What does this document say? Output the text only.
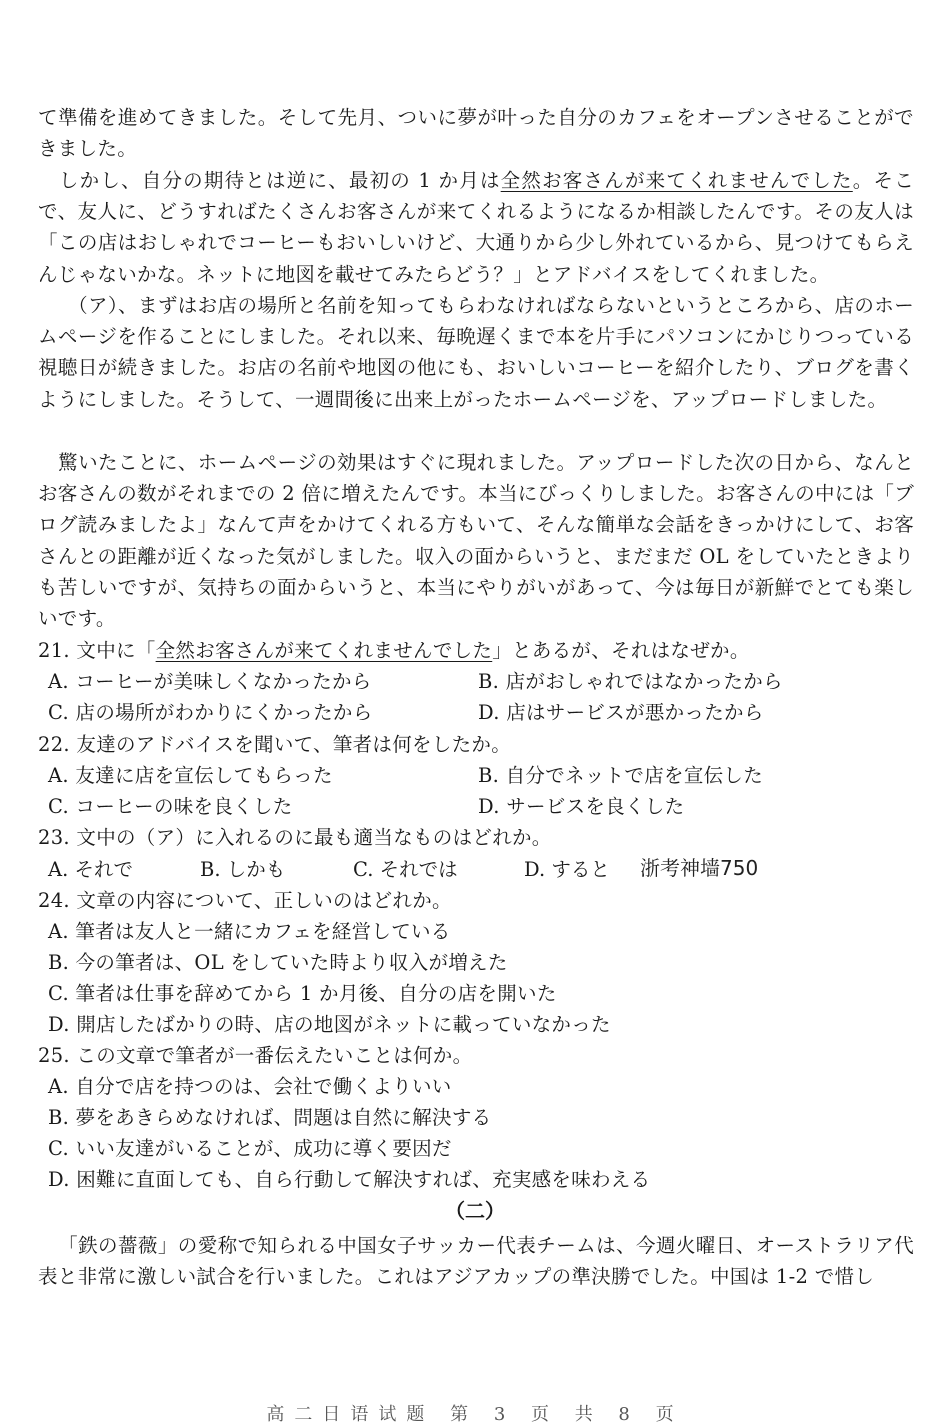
て準備を進めてきました。そして先月、ついに夢が叶った自分のカフェをオープンさせることができました。
しかし、自分の期待とは逆に、最初の 1 か月は全然お客さんが来てくれませんでした。そこで、友人に、どうすればたくさんお客さんが来てくれるようになるか相談したんです。その友人は「この店はおしゃれでコーヒーもおいしいけど、大通りから少し外れているから、見つけてもらえんじゃないかな。ネットに地図を載せてみたらどう？」とアドバイスをしてくれました。
（ア）、まずはお店の場所と名前を知ってもらわなければならないというところから、店のホームページを作ることにしました。それ以来、毎晩遅くまで本を片手にパソコンにかじりつっている視聴日が続きました。お店の名前や地図の他にも、おいしいコーヒーを紹介したり、ブログを書くようにしました。そうして、一週間後に出来上がったホームページを、アップロードしました。
驚いたことに、ホームページの効果はすぐに現れました。アップロードした次の日から、なんとお客さんの数がそれまでの 2 倍に増えたんです。本当にびっくりしました。お客さんの中には「ブログ読みましたよ」なんて声をかけてくれる方もいて、そんな簡単な会話をきっかけにして、お客さんとの距離が近くなった気がしました。収入の面からいうと、まだまだ OL をしていたときよりも苦しいですが、気持ちの面からいうと、本当にやりがいがあって、今は毎日が新鮮でとても楽しいです。
21. 文中に「全然お客さんが来てくれませんでした」とあるが、それはなぜか。
A. コーヒーが美味しくなかったから	B. 店がおしゃれではなかったから
C. 店の場所がわかりにくかったから	D. 店はサービスが悪かったから
22. 友達のアドバイスを聞いて、筆者は何をしたか。
A. 友達に店を宣伝してもらった	B. 自分でネットで店を宣伝した
C. コーヒーの味を良くした	D. サービスを良くした
23. 文中の（ア）に入れるのに最も適当なものはどれか。
A. それで	B. しかも	C. それでは	D. すると 浙考神墙750
24. 文章の内容について、正しいのはどれか。
A. 筆者は友人と一緒にカフェを経営している
B. 今の筆者は、OL をしていた時より収入が増えた
C. 筆者は仕事を辞めてから 1 か月後、自分の店を開いた
D. 開店したばかりの時、店の地図がネットに載っていなかった
25. この文章で筆者が一番伝えたいことは何か。
A. 自分で店を持つのは、会社で働くよりいい
B. 夢をあきらめなければ、問題は自然に解決する
C. いい友達がいることが、成功に導く要因だ
D. 困難に直面しても、自ら行動して解決すれば、充実感を味わえる
（二）
「鉄の薔薇」の愛称で知られる中国女子サッカー代表チームは、今週火曜日、オーストラリア代表と非常に激しい試合を行いました。これはアジアカップの準決勝でした。中国は 1-2 で惜し
高二日语试题 第 3 页 共 8 页
